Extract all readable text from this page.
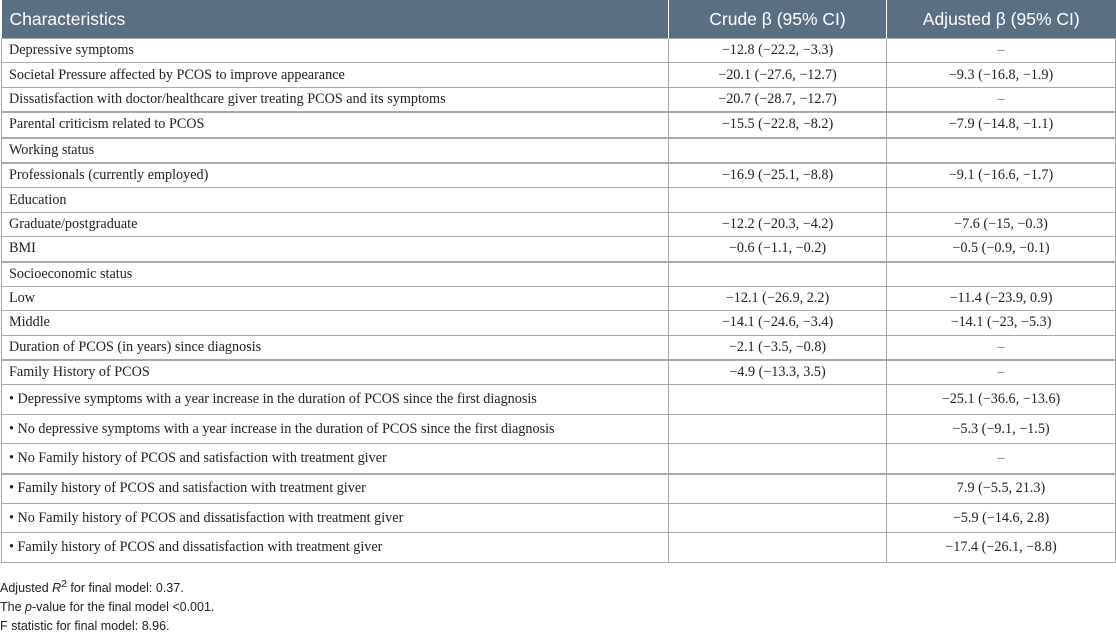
Characteristics	Crude β (95% CI)	Adjusted β (95% CI)
Depressive symptoms	−12.8 (−22.2, −3.3)	–
Societal Pressure affected by PCOS to improve appearance	−20.1 (−27.6, −12.7)	−9.3 (−16.8, −1.9)
Dissatisfaction with doctor/healthcare giver treating PCOS and its symptoms	−20.7 (−28.7, −12.7)	–
Parental criticism related to PCOS	−15.5 (−22.8, −8.2)	−7.9 (−14.8, −1.1)
Working status		
Professionals (currently employed)	−16.9 (−25.1, −8.8)	−9.1 (−16.6, −1.7)
Education		
Graduate/postgraduate	−12.2 (−20.3, −4.2)	−7.6 (−15, −0.3)
BMI	−0.6 (−1.1, −0.2)	−0.5 (−0.9, −0.1)
Socioeconomic status		
Low	−12.1 (−26.9, 2.2)	−11.4 (−23.9, 0.9)
Middle	−14.1 (−24.6, −3.4)	−14.1 (−23, −5.3)
Duration of PCOS (in years) since diagnosis	−2.1 (−3.5, −0.8)	–
Family History of PCOS	−4.9 (−13.3, 3.5)	–
• Depressive symptoms with a year increase in the duration of PCOS since the first diagnosis		−25.1 (−36.6, −13.6)
• No depressive symptoms with a year increase in the duration of PCOS since the first diagnosis		−5.3 (−9.1, −1.5)
• No Family history of PCOS and satisfaction with treatment giver		–
• Family history of PCOS and satisfaction with treatment giver		7.9 (−5.5, 21.3)
• No Family history of PCOS and dissatisfaction with treatment giver		−5.9 (−14.6, 2.8)
• Family history of PCOS and dissatisfaction with treatment giver		−17.4 (−26.1, −8.8)
Adjusted $R^2$ for final model: 0.37.
The p-value for the final model <0.001.
F statistic for final model: 8.96.
